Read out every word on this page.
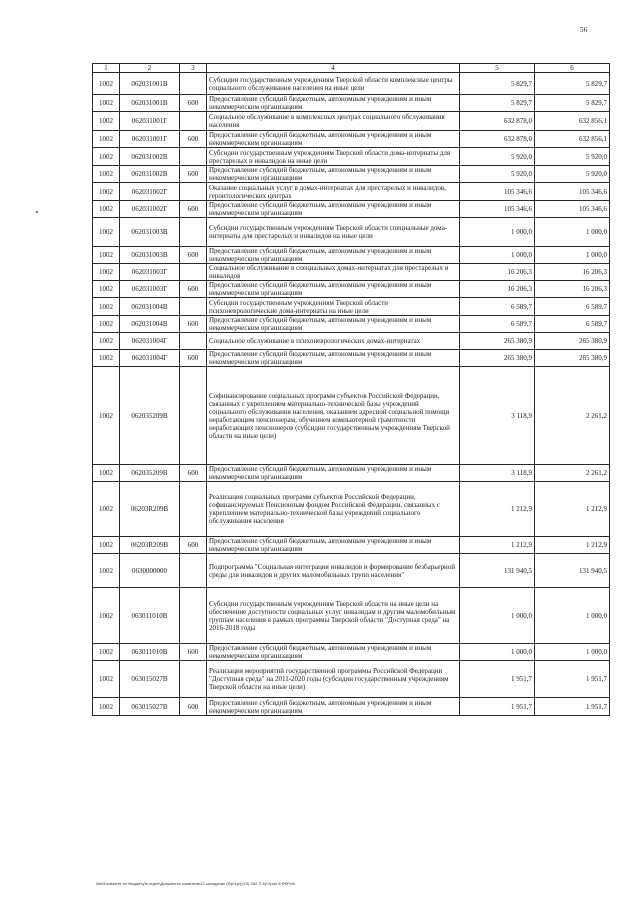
56
1	2	3	4	5	6
1002	062031001В		Субсидии государственным учреждениям Тверской области комплексные центры социального обслуживания населения на иные цели	5 829,7	5 829,7
1002	062031001В	600	Предоставление субсидий бюджетным, автономным учреждениям и иным некоммерческим организациям	5 829,7	5 829,7
1002	062031001Г		Социальное обслуживание в комплексных центрах социального обслуживания населения	632 878,0	632 856,1
1002	062031001Г	600	Предоставление субсидий бюджетным, автономным учреждениям и иным некоммерческим организациям	632 878,0	632 856,1
1002	062031002В		Субсидии государственным учреждениям Тверской области дома-интернаты для престарелых и инвалидов на иные цели	5 920,0	5 920,0
1002	062031002В	600	Предоставление субсидий бюджетным, автономным учреждениям и иным некоммерческим организациям	5 920,0	5 920,0
1002	062031002Г		Оказание социальных услуг в домах-интернатах для престарелых и инвалидов, геронтологических центрах	105 346,6	105 346,6
1002	062031002Г	600	Предоставление субсидий бюджетным, автономным учреждениям и иным некоммерческим организациям	105 346,6	105 346,6
1002	062031003В		Субсидии государственным учреждениям Тверской области специальные дома-интернаты для престарелых и инвалидов на иные цели	1 000,0	1 000,0
1002	062031003В	600	Предоставление субсидий бюджетным, автономным учреждениям и иным некоммерческим организациям	1 000,0	1 000,0
1002	062031003Г		Социальное обслуживание в специальных домах-интернатах для престарелых и инвалидов	16 206,3	16 206,3
1002	062031003Г	600	Предоставление субсидий бюджетным, автономным учреждениям и иным некоммерческим организациям	16 206,3	16 206,3
1002	062031004В		Субсидии государственным учреждениям Тверской области психоневрологические дома-интернаты на иные цели	6 589,7	6 589,7
1002	062031004В	600	Предоставление субсидий бюджетным, автономным учреждениям и иным некоммерческим организациям	6 589,7	6 589,7
1002	062031004Г		Социальное обслуживание в психоневрологических домах-интернатах	265 380,9	265 380,9
1002	062031004Г	600	Предоставление субсидий бюджетным, автономным учреждениям и иным некоммерческим организациям	265 380,9	265 380,9
1002	062035209В		Софинансирование социальных программ субъектов Российской Федерации, связанных с укреплением материально-технической базы учреждений социального обслуживания населения, оказанием адресной социальной помощи неработающим пенсионерам, обучением компьютерной грамотности неработающих пенсионеров (субсидии государственным учреждениям Тверской области на иные цели)	3 118,9	2 261,2
1002	062035209В	600	Предоставление субсидий бюджетным, автономным учреждениям и иным некоммерческим организациям	3 118,9	2 261,2
1002	06203R209В		Реализация социальных программ субъектов Российской Федерации, софинансируемых Пенсионным фондом Российской Федерации, связанных с укреплением материально-технической базы учреждений социального обслуживания населения	1 212,9	1 212,9
1002	06203R209В	600	Предоставление субсидий бюджетным, автономным учреждениям и иным некоммерческим организациям	1 212,9	1 212,9
1002	0630000000		Подпрограмма "Социальная интеграция инвалидов и формирование безбарьерной среды для инвалидов и других маломобильных групп населения"	131 940,5	131 940,5
1002	063011010В		Субсидии государственным учреждениям Тверской области на иные цели на обеспечение доступности социальных услуг инвалидам и другим маломобильным группам населения в рамках программы Тверской области "Доступная среда" на 2016-2018 годы	1 000,0	1 000,0
1002	063011010В	600	Предоставление субсидий бюджетным, автономным учреждениям и иным некоммерческим организациям	1 000,0	1 000,0
1002	063015027В		Реализация мероприятий государственной программы Российской Федерации "Доступная среда" на 2011-2020 годы (субсидии государственным учреждениям Тверской области на иные цели)	1 951,7	1 951,7
1002	063015027В	600	Предоставление субсидий бюджетным, автономным учреждениям и иным некоммерческим организациям	1 951,7	1 951,7
\\fs01\комитет по бюджету\в отдел\Документы комитета\12 заседание (б\р\1р\(\(13) 282-П-6)\Прил 5 ФКР.xls
